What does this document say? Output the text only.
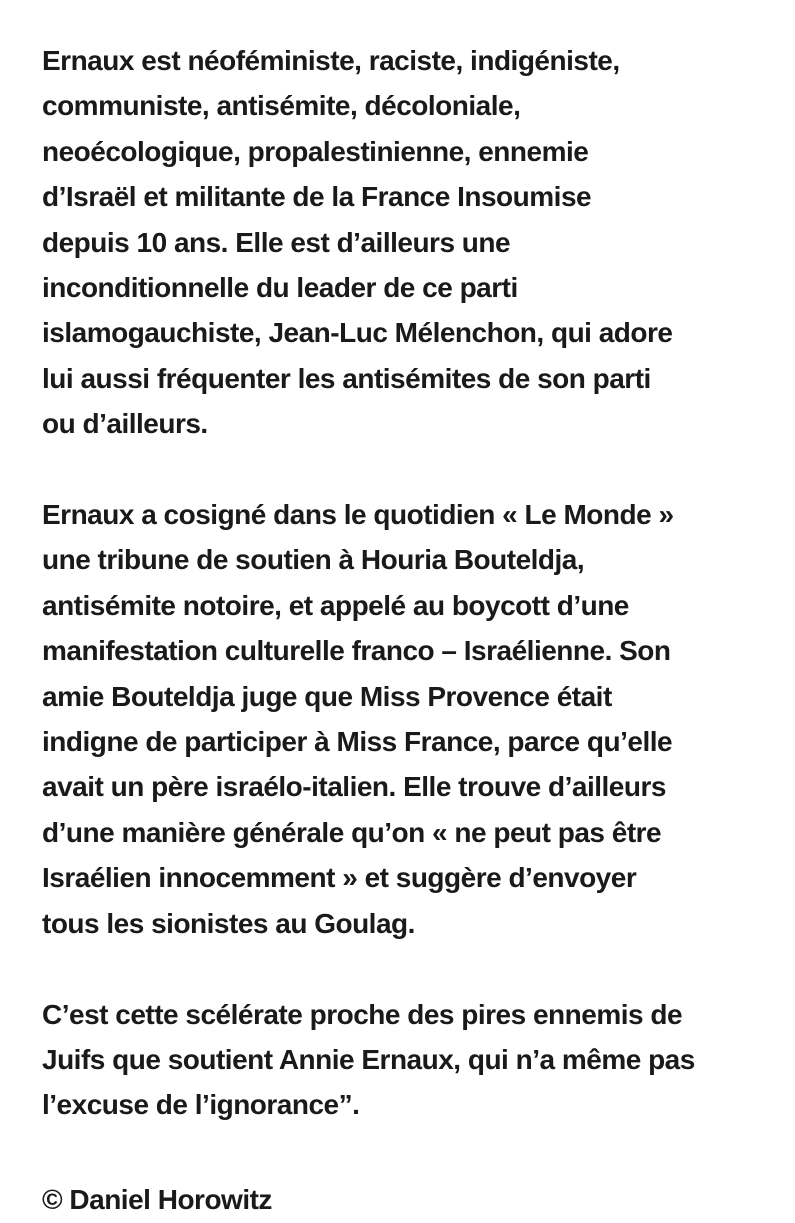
Ernaux est néoféministe, raciste, indigéniste,
communiste, antisémite, décoloniale,
neoécologique, propalestinienne, ennemie
d’Israël et militante de la France Insoumise
depuis 10 ans. Elle est d’ailleurs une
inconditionnelle du leader de ce parti
islamogauchiste, Jean-Luc Mélenchon, qui adore
lui aussi fréquenter les antisémites de son parti
ou d’ailleurs.
Ernaux a cosigné dans le quotidien « Le Monde »
une tribune de soutien à Houria Bouteldja,
antisémite notoire, et appelé au boycott d’une
manifestation culturelle franco – Israélienne. Son
amie Bouteldja juge que Miss Provence était
indigne de participer à Miss France, parce qu’elle
avait un père israélo-italien. Elle trouve d’ailleurs
d’une manière générale qu’on « ne peut pas être
Israélien innocemment » et suggère d’envoyer
tous les sionistes au Goulag.
C’est cette scélérate proche des pires ennemis de
Juifs que soutient Annie Ernaux, qui n’a même pas
l’excuse de l’ignorance”.
© Daniel Horowitz
